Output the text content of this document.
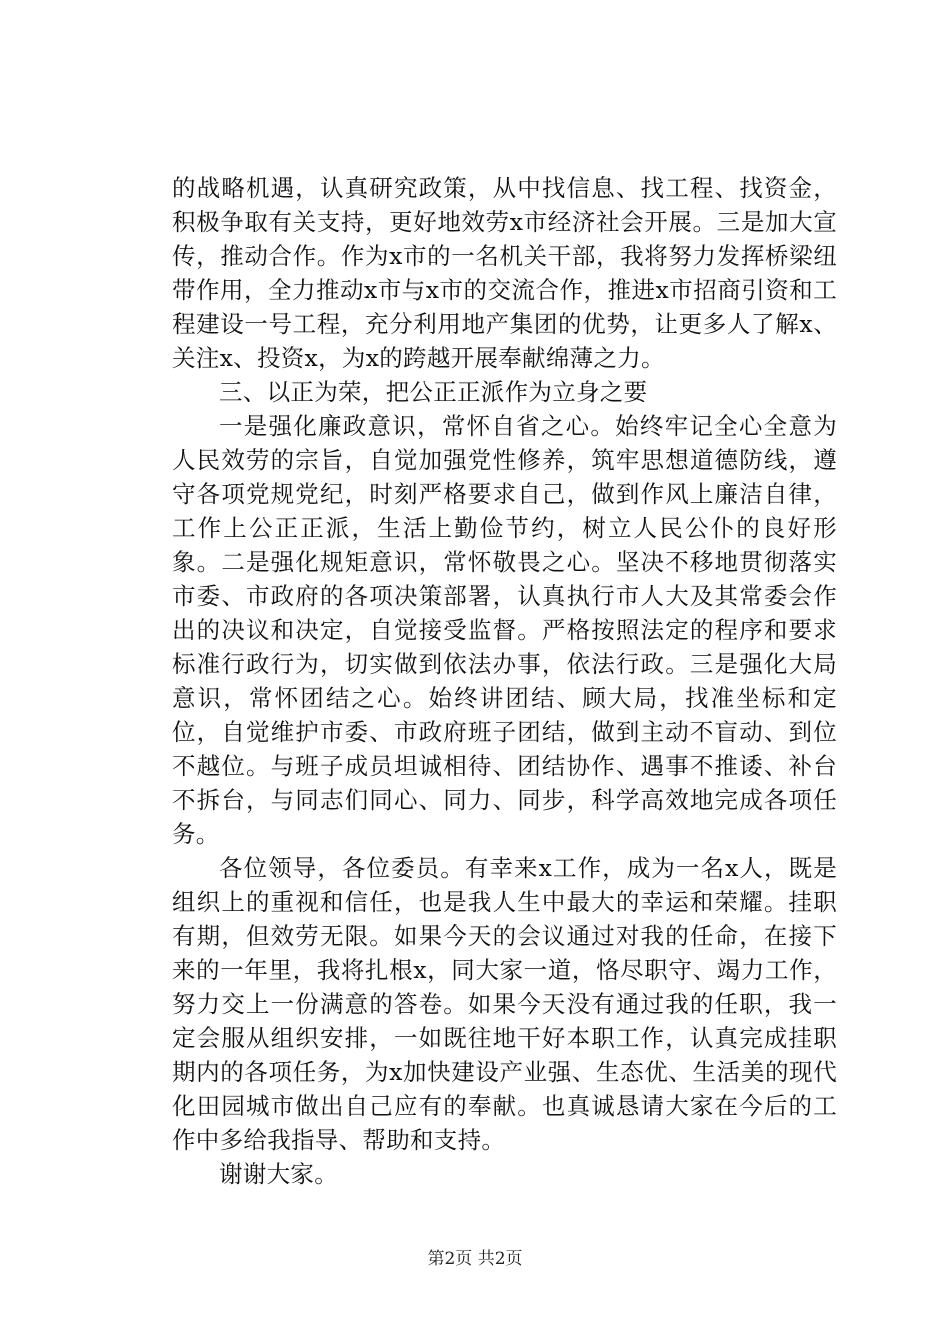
的战略机遇，认真研究政策，从中找信息、找工程、找资金，积极争取有关支持，更好地效劳x市经济社会开展。三是加大宣传，推动合作。作为x市的一名机关干部，我将努力发挥桥梁纽带作用，全力推动x市与x市的交流合作，推进x市招商引资和工程建设一号工程，充分利用地产集团的优势，让更多人了解x、关注x、投资x，为x的跨越开展奉献绵薄之力。

三、以正为荣，把公正正派作为立身之要

一是强化廉政意识，常怀自省之心。始终牢记全心全意为人民效劳的宗旨，自觉加强党性修养，筑牢思想道德防线，遵守各项党规党纪，时刻严格要求自己，做到作风上廉洁自律，工作上公正正派，生活上勤俭节约，树立人民公仆的良好形象。二是强化规矩意识，常怀敬畏之心。坚决不移地贯彻落实市委、市政府的各项决策部署，认真执行市人大及其常委会作出的决议和决定，自觉接受监督。严格按照法定的程序和要求标准行政行为，切实做到依法办事，依法行政。三是强化大局意识，常怀团结之心。始终讲团结、顾大局，找准坐标和定位，自觉维护市委、市政府班子团结，做到主动不盲动、到位不越位。与班子成员坦诚相待、团结协作、遇事不推诿、补台不拆台，与同志们同心、同力、同步，科学高效地完成各项任务。

各位领导，各位委员。有幸来x工作，成为一名x人，既是组织上的重视和信任，也是我人生中最大的幸运和荣耀。挂职有期，但效劳无限。如果今天的会议通过对我的任命，在接下来的一年里，我将扎根x，同大家一道，恪尽职守、竭力工作，努力交上一份满意的答卷。如果今天没有通过我的任职，我一定会服从组织安排，一如既往地干好本职工作，认真完成挂职期内的各项任务，为x加快建设产业强、生态优、生活美的现代化田园城市做出自己应有的奉献。也真诚恳请大家在今后的工作中多给我指导、帮助和支持。

谢谢大家。

第2页 共2页
